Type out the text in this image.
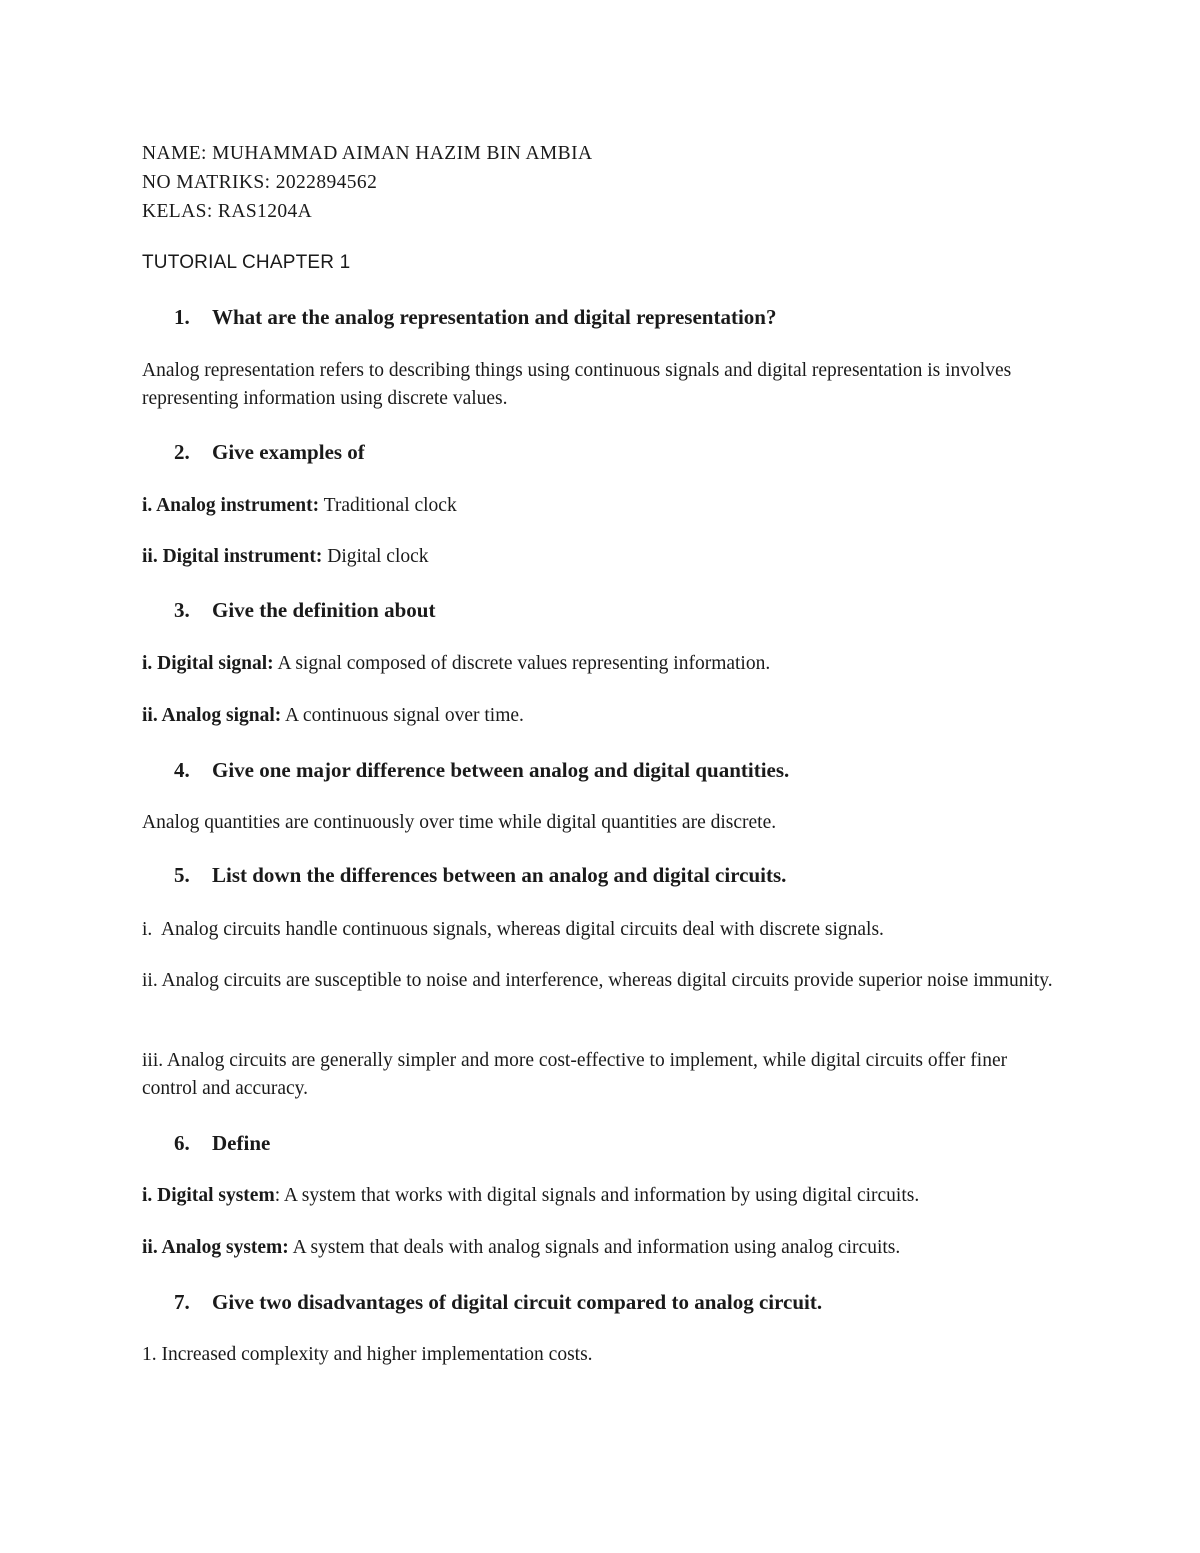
NAME: MUHAMMAD AIMAN HAZIM BIN AMBIA
NO MATRIKS: 2022894562
KELAS: RAS1204A
TUTORIAL CHAPTER 1
1. What are the analog representation and digital representation?
Analog representation refers to describing things using continuous signals and digital representation is involves representing information using discrete values.
2. Give examples of
i. Analog instrument: Traditional clock
ii. Digital instrument: Digital clock
3. Give the definition about
i. Digital signal: A signal composed of discrete values representing information.
ii. Analog signal: A continuous signal over time.
4. Give one major difference between analog and digital quantities.
Analog quantities are continuously over time while digital quantities are discrete.
5. List down the differences between an analog and digital circuits.
i.  Analog circuits handle continuous signals, whereas digital circuits deal with discrete signals.
ii. Analog circuits are susceptible to noise and interference, whereas digital circuits provide superior noise immunity.
iii. Analog circuits are generally simpler and more cost-effective to implement, while digital circuits offer finer control and accuracy.
6. Define
i. Digital system: A system that works with digital signals and information by using digital circuits.
ii. Analog system: A system that deals with analog signals and information using analog circuits.
7. Give two disadvantages of digital circuit compared to analog circuit.
1. Increased complexity and higher implementation costs.
